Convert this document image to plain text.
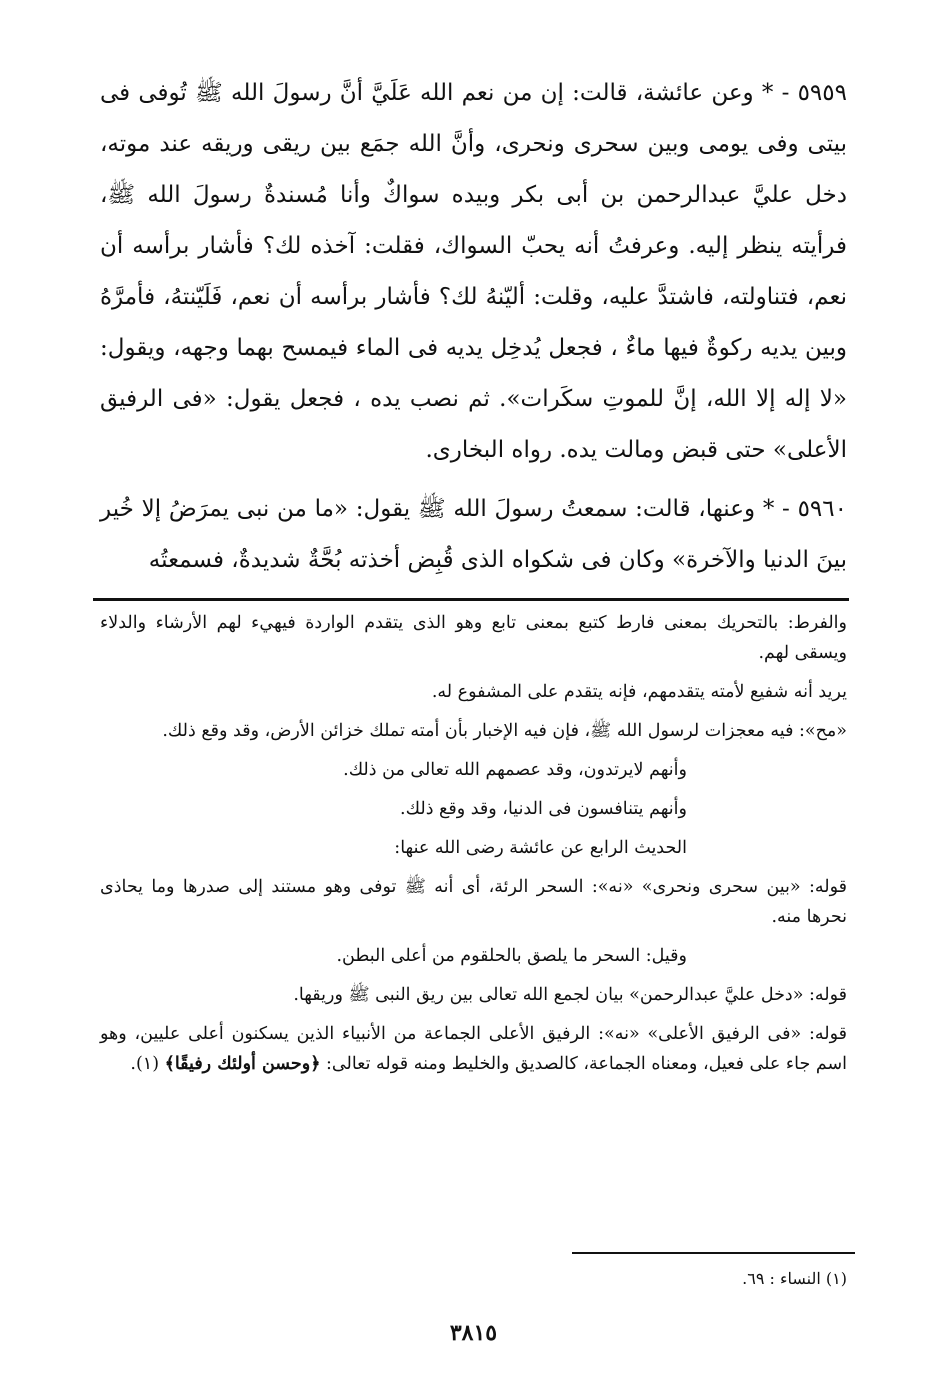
٥٩٥٩ - * وعن عائشة، قالت: إن من نعم الله عَلَيَّ أنَّ رسولَ الله ﷺ تُوفى فى بيتى وفى يومى وبين سحرى ونحرى، وأنَّ الله جمَع بين ريقى وريقه عند موته، دخل عليَّ عبدالرحمن بن أبى بكر وبيده سواكٌ وأنا مُسندةٌ رسولَ الله ﷺ، فرأيته ينظر إليه. وعرفتُ أنه يحبّ السواك، فقلت: آخذه لك؟ فأشار برأسه أن نعم، فتناولته، فاشتدَّ عليه، وقلت: أليّنهُ لك؟ فأشار برأسه أن نعم، فَلَيّنتهُ، فأمرَّهُ وبين يديه ركوةٌ فيها ماءٌ ، فجعل يُدخِل يديه فى الماء فيمسح بهما وجهه، ويقول: «لا إله إلا الله، إنَّ للموتِ سكَرات». ثم نصب يده ، فجعل يقول: «فى الرفيق الأعلى» حتى قبض ومالت يده. رواه البخارى.

٥٩٦٠ - * وعنها، قالت: سمعتُ رسولَ الله ﷺ يقول: «ما من نبى يمرَضُ إلا خُير بينَ الدنيا والآخرة» وكان فى شكواه الذى قُبِض أخذته بُحَّةٌ شديدةٌ، فسمعتُه

والفرط: بالتحريك بمعنى فارط كتبع بمعنى تابع وهو الذى يتقدم الواردة فيهيء لهم الأرشاء والدلاء ويسقى لهم.

يريد أنه شفيع لأمته يتقدمهم، فإنه يتقدم على المشفوع له.

«مح»: فيه معجزات لرسول الله ﷺ، فإن فيه الإخبار بأن أمته تملك خزائن الأرض، وقد وقع ذلك.

وأنهم لايرتدون، وقد عصمهم الله تعالى من ذلك.

وأنهم يتنافسون فى الدنيا، وقد وقع ذلك.

الحديث الرابع عن عائشة رضى الله عنها:

قوله: «بين سحرى ونحرى» «نه»: السحر الرئة، أى أنه ﷺ توفى وهو مستند إلى صدرها وما يحاذى نحرها منه.

وقيل: السحر ما يلصق بالحلقوم من أعلى البطن.

قوله: «دخل عليَّ عبدالرحمن» بيان لجمع الله تعالى بين ريق النبى ﷺ وريقها.

قوله: «فى الرفيق الأعلى» «نه»: الرفيق الأعلى الجماعة من الأنبياء الذين يسكنون أعلى عليين، وهو اسم جاء على فعيل، ومعناه الجماعة، كالصديق والخليط ومنه قوله تعالى: ﴿وحسن أولئك رفيقًا﴾ (١).

(١) النساء : ٦٩.
٣٨١٥
